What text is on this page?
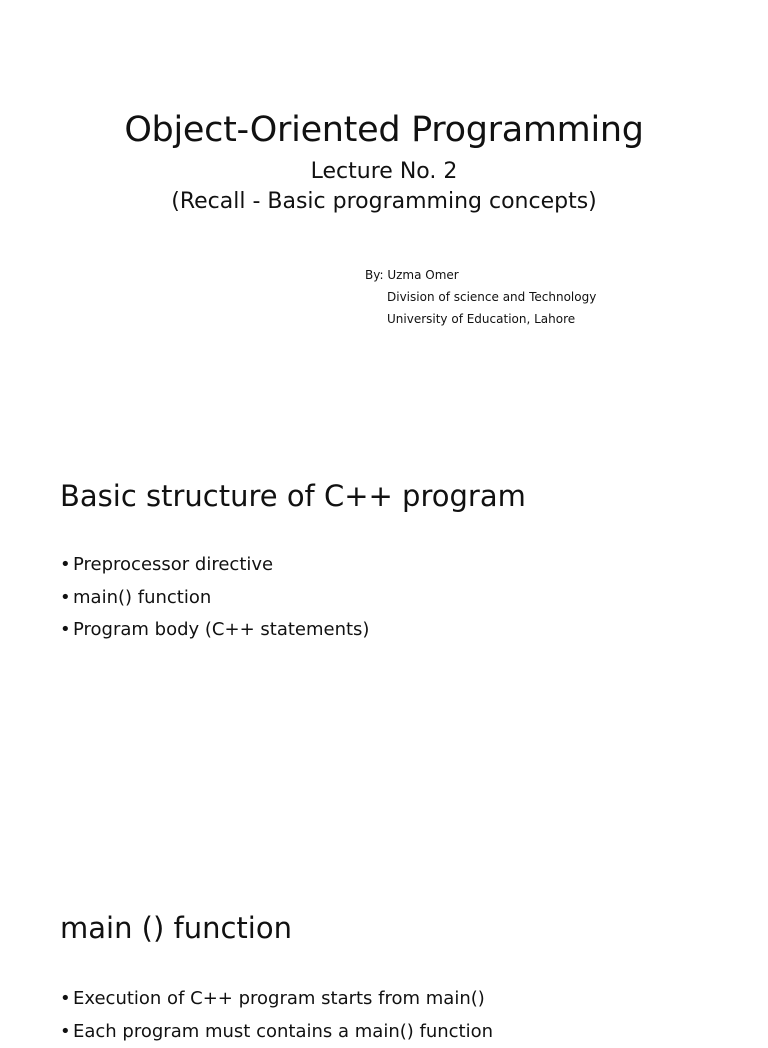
Object-Oriented Programming

Lecture No. 2

(Recall - Basic programming concepts)

By: Uzma Omer

Division of science and Technology

University of Education, Lahore

Basic structure of C++ program
• Preprocessor directive
• main() function
• Program body (C++ statements)
main () function
• Execution of C++ program starts from main()
• Each program must contains a main() function
